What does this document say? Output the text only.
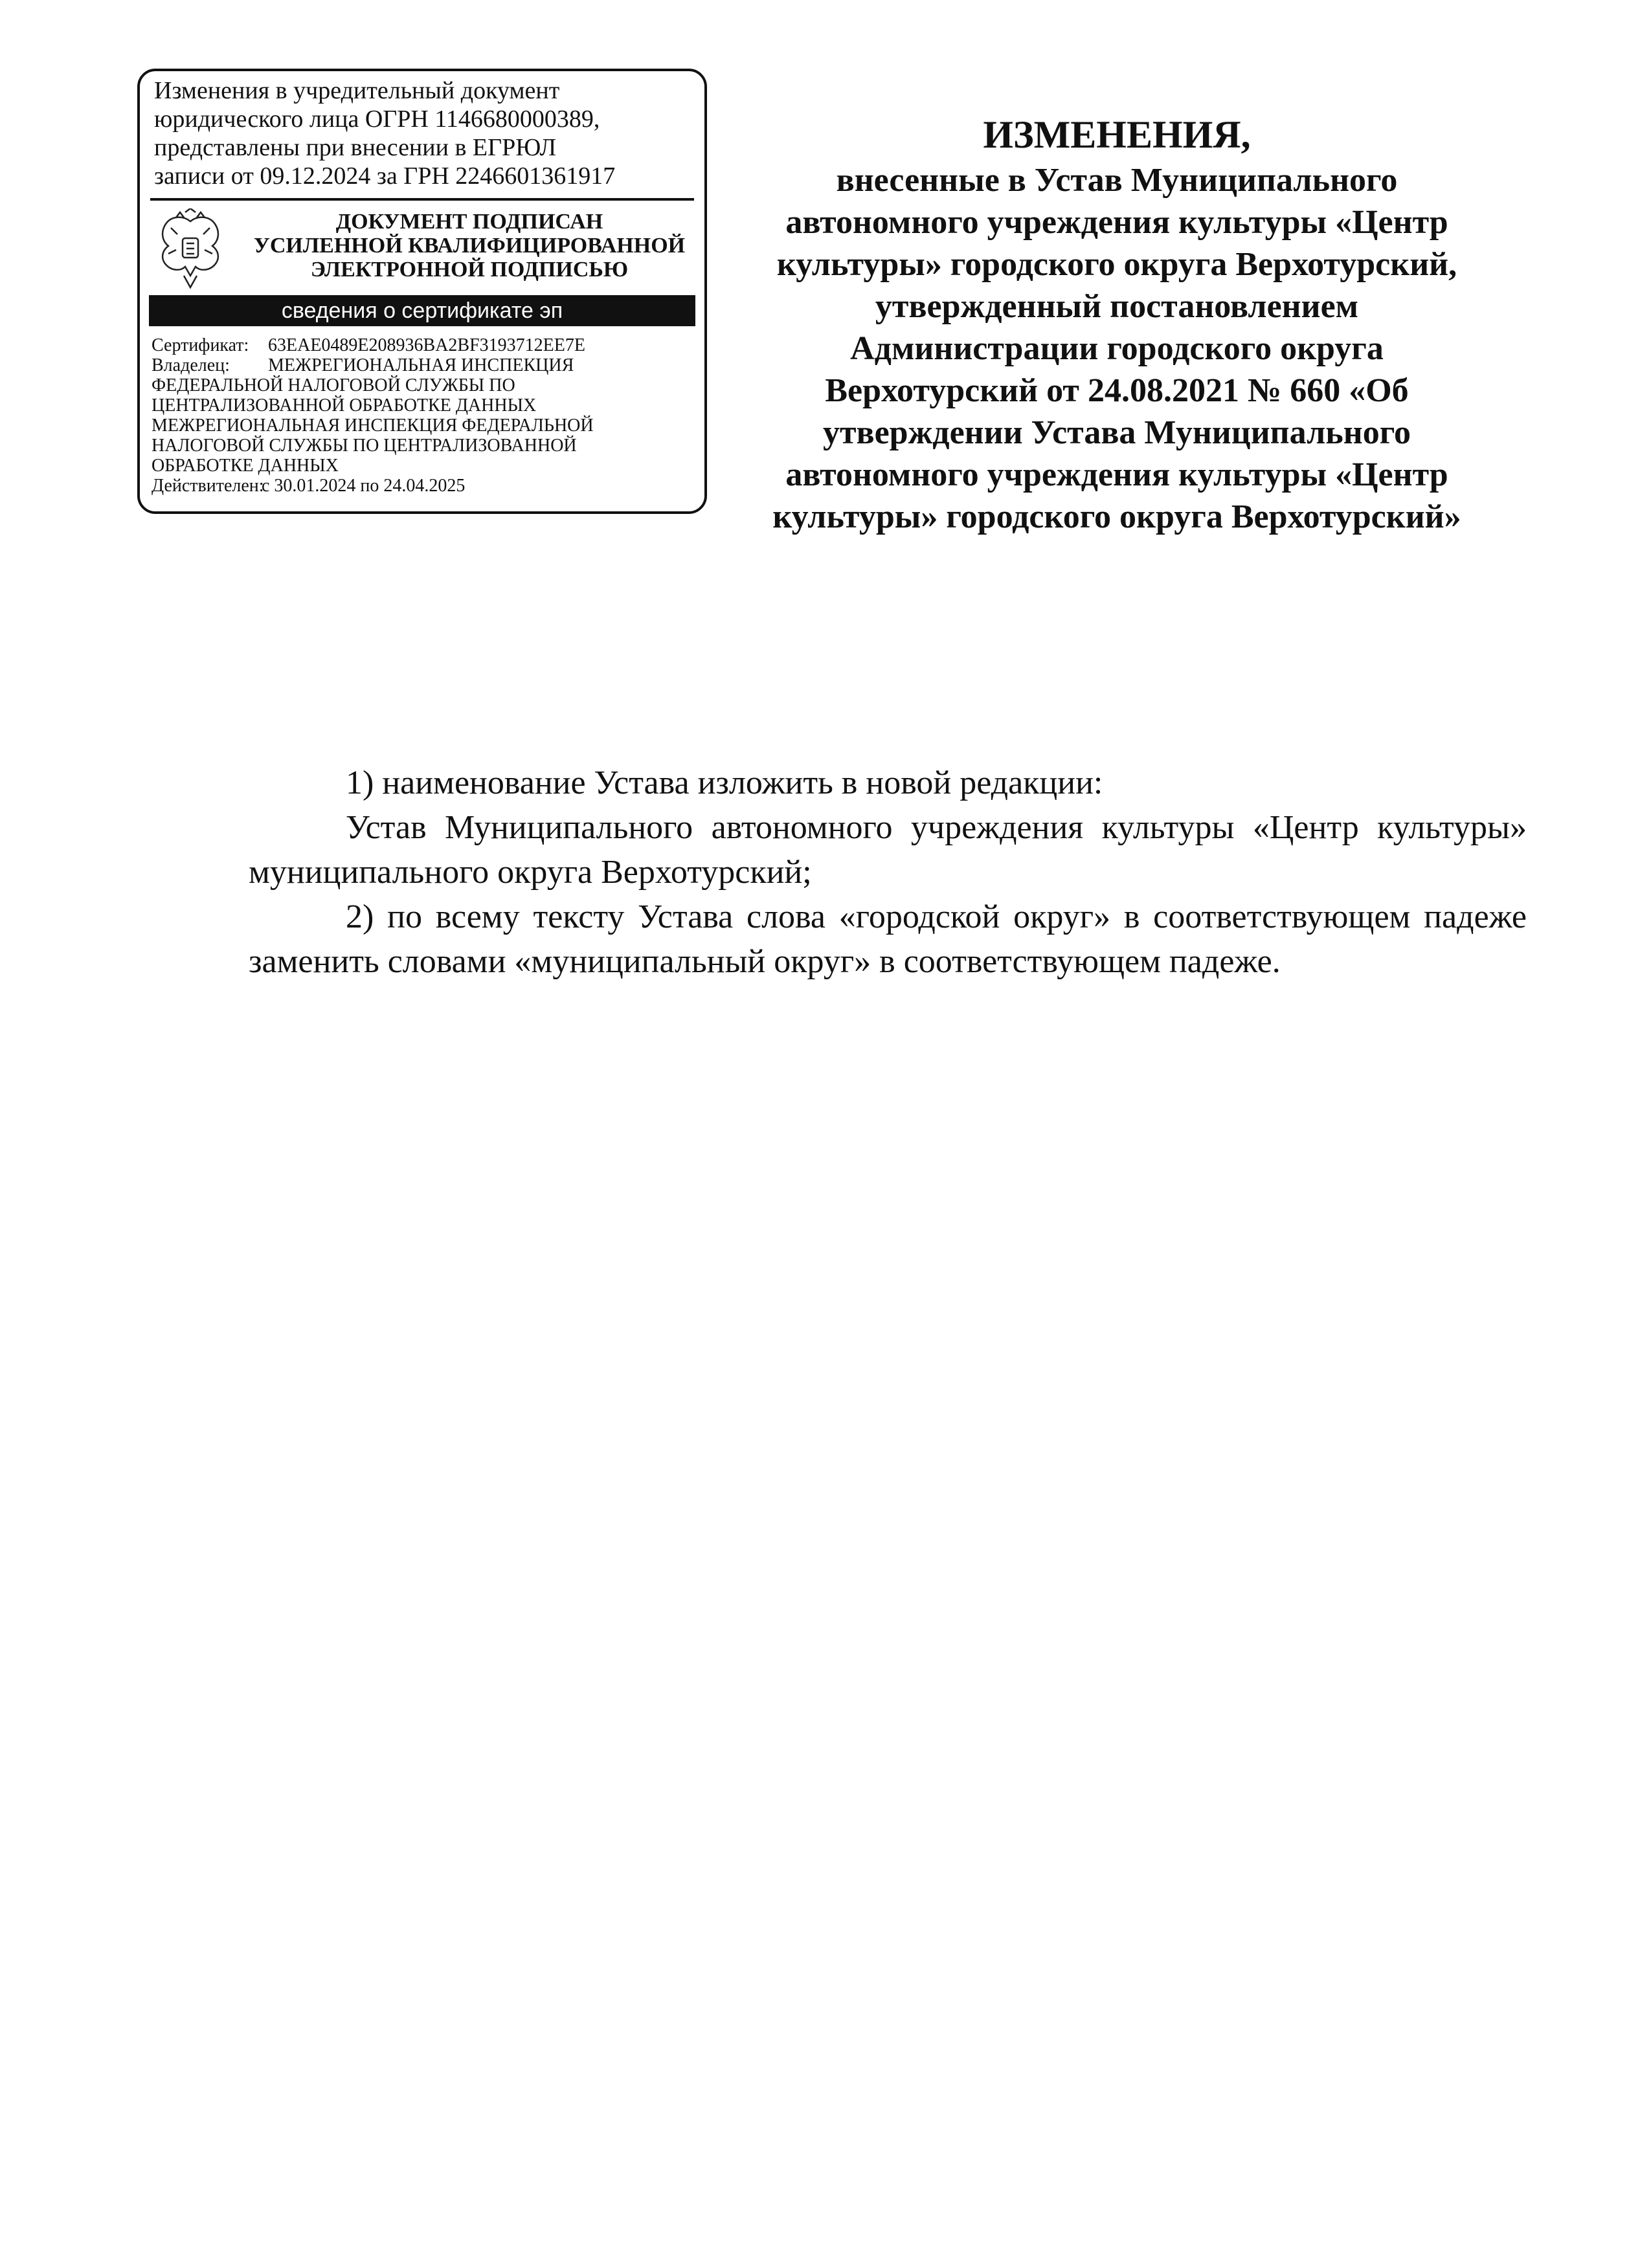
Изменения в учредительный документ
юридического лица ОГРН 1146680000389,
представлены при внесении в ЕГРЮЛ
записи от 09.12.2024 за ГРН 2246601361917
ДОКУМЕНТ ПОДПИСАН
УСИЛЕННОЙ КВАЛИФИЦИРОВАННОЙ
ЭЛЕКТРОННОЙ ПОДПИСЬЮ
сведения о сертификате эп
Сертификат: 63EAE0489E208936BA2BF3193712EE7E
Владелец: МЕЖРЕГИОНАЛЬНАЯ ИНСПЕКЦИЯ
ФЕДЕРАЛЬНОЙ НАЛОГОВОЙ СЛУЖБЫ ПО
ЦЕНТРАЛИЗОВАННОЙ ОБРАБОТКЕ ДАННЫХ
МЕЖРЕГИОНАЛЬНАЯ ИНСПЕКЦИЯ ФЕДЕРАЛЬНОЙ
НАЛОГОВОЙ СЛУЖБЫ ПО ЦЕНТРАЛИЗОВАННОЙ
ОБРАБОТКЕ ДАННЫХ
Действителен:с 30.01.2024 по 24.04.2025
ИЗМЕНЕНИЯ,
внесенные в Устав Муниципального
автономного учреждения культуры «Центр
культуры» городского округа Верхотурский,
утвержденный постановлением
Администрации городского округа
Верхотурский от 24.08.2021 № 660 «Об
утверждении Устава Муниципального
автономного учреждения культуры «Центр
культуры» городского округа Верхотурский»
1) наименование Устава изложить в новой редакции:
Устав Муниципального автономного учреждения культуры «Центр культуры» муниципального округа Верхотурский;
2) по всему тексту Устава слова «городской округ» в соответствующем падеже заменить словами «муниципальный округ» в соответствующем падеже.
